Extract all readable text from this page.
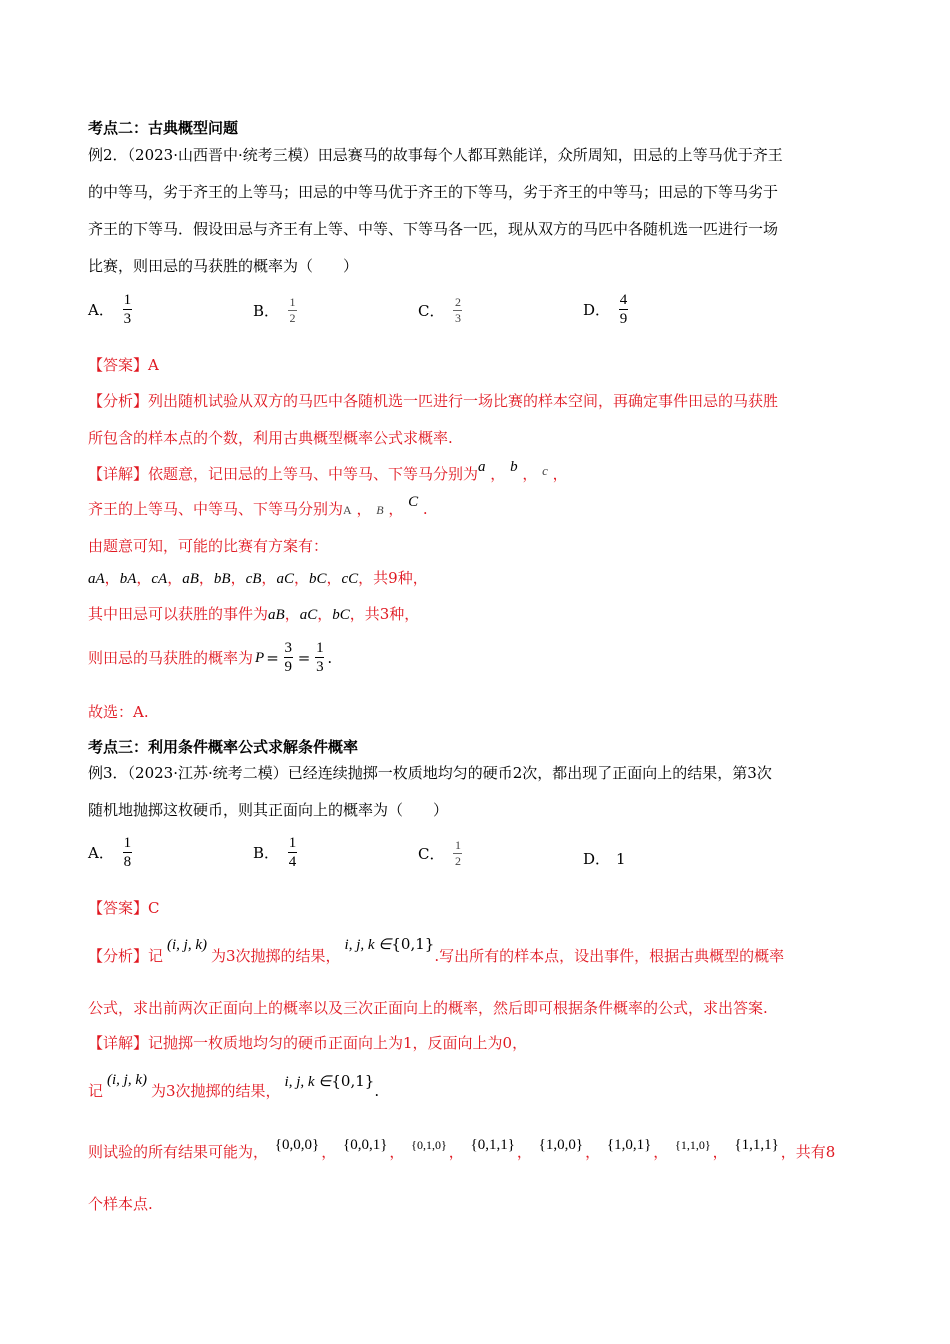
考点二：古典概型问题
例2．（2023·山西晋中·统考三模）田忌赛马的故事每个人都耳熟能详，众所周知，田忌的上等马优于齐王
的中等马，劣于齐王的上等马；田忌的中等马优于齐王的下等马，劣于齐王的中等马；田忌的下等马劣于
齐王的下等马．假设田忌与齐王有上等、中等、下等马各一匹，现从双方的马匹中各随机选一匹进行一场
比赛，则田忌的马获胜的概率为（　　）
A． $\frac{1}{3}$	B． $\frac{1}{2}$	C． $\frac{2}{3}$	D． $\frac{4}{9}$
【答案】A
【分析】列出随机试验从双方的马匹中各随机选一匹进行一场比赛的样本空间，再确定事件田忌的马获胜
所包含的样本点的个数，利用古典概型概率公式求概率.
【详解】依题意，记田忌的上等马、中等马、下等马分别为a ， b ， c ，
齐王的上等马、中等马、下等马分别为A ， B ， C .
由题意可知，可能的比赛有方案有：
aA，bA，cA，aB，bB，cB，aC，bC，cC，共9种，
其中田忌可以获胜的事件为aB，aC，bC，共3种，
则田忌的马获胜的概率为 $P = \frac{3}{9} = \frac{1}{3}$ .
故选：A.
考点三：利用条件概率公式求解条件概率
例3．（2023·江苏·统考二模）已经连续抛掷一枚质地均匀的硬币2次，都出现了正面向上的结果，第3次
随机地抛掷这枚硬币，则其正面向上的概率为（　　）
A． $\frac{1}{8}$	B． $\frac{1}{4}$	C． $\frac{1}{2}$	D． 1
【答案】C
【分析】记(i, j, k)为3次抛掷的结果，i, j, k ∈{0,1}.写出所有的样本点，设出事件，根据古典概型的概率
公式，求出前两次正面向上的概率以及三次正面向上的概率，然后即可根据条件概率的公式，求出答案.
【详解】记抛掷一枚质地均匀的硬币正面向上为1，反面向上为0，
记(i, j, k)为3次抛掷的结果， i, j, k ∈{0,1}.
则试验的所有结果可能为， {0,0,0} ， {0,0,1} ， {0,1,0} ， {0,1,1} ， {1,0,0} ， {1,0,1} ， {1,1,0} ， {1,1,1} ，共有8
个样本点.
